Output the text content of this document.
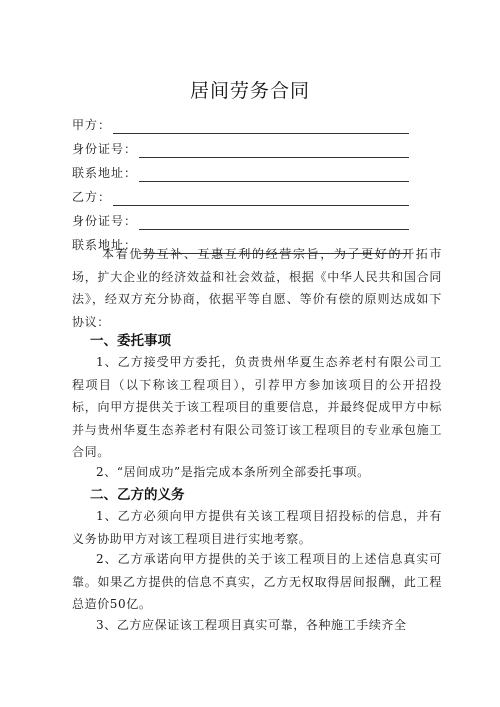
居间劳务合同
甲方：
身份证号：
联系地址：
乙方：
身份证号：
联系地址：

本着优势互补、互惠互利的经营宗旨，为了更好的开拓市场，扩大企业的经济效益和社会效益，根据《中华人民共和国合同法》，经双方充分协商，依据平等自愿、等价有偿的原则达成如下协议：

一、委托事项

1、乙方接受甲方委托，负责贵州华夏生态养老村有限公司工程项目（以下称该工程项目），引荐甲方参加该项目的公开招投标，向甲方提供关于该工程项目的重要信息，并最终促成甲方中标并与贵州华夏生态养老村有限公司签订该工程项目的专业承包施工合同。

2、“居间成功”是指完成本条所列全部委托事项。

二、乙方的义务

1、乙方必须向甲方提供有关该工程项目招投标的信息，并有义务协助甲方对该工程项目进行实地考察。

2、乙方承诺向甲方提供的关于该工程项目的上述信息真实可靠。如果乙方提供的信息不真实，乙方无权取得居间报酬，此工程总造价50亿。

3、乙方应保证该工程项目真实可靠，各种施工手续齐全
